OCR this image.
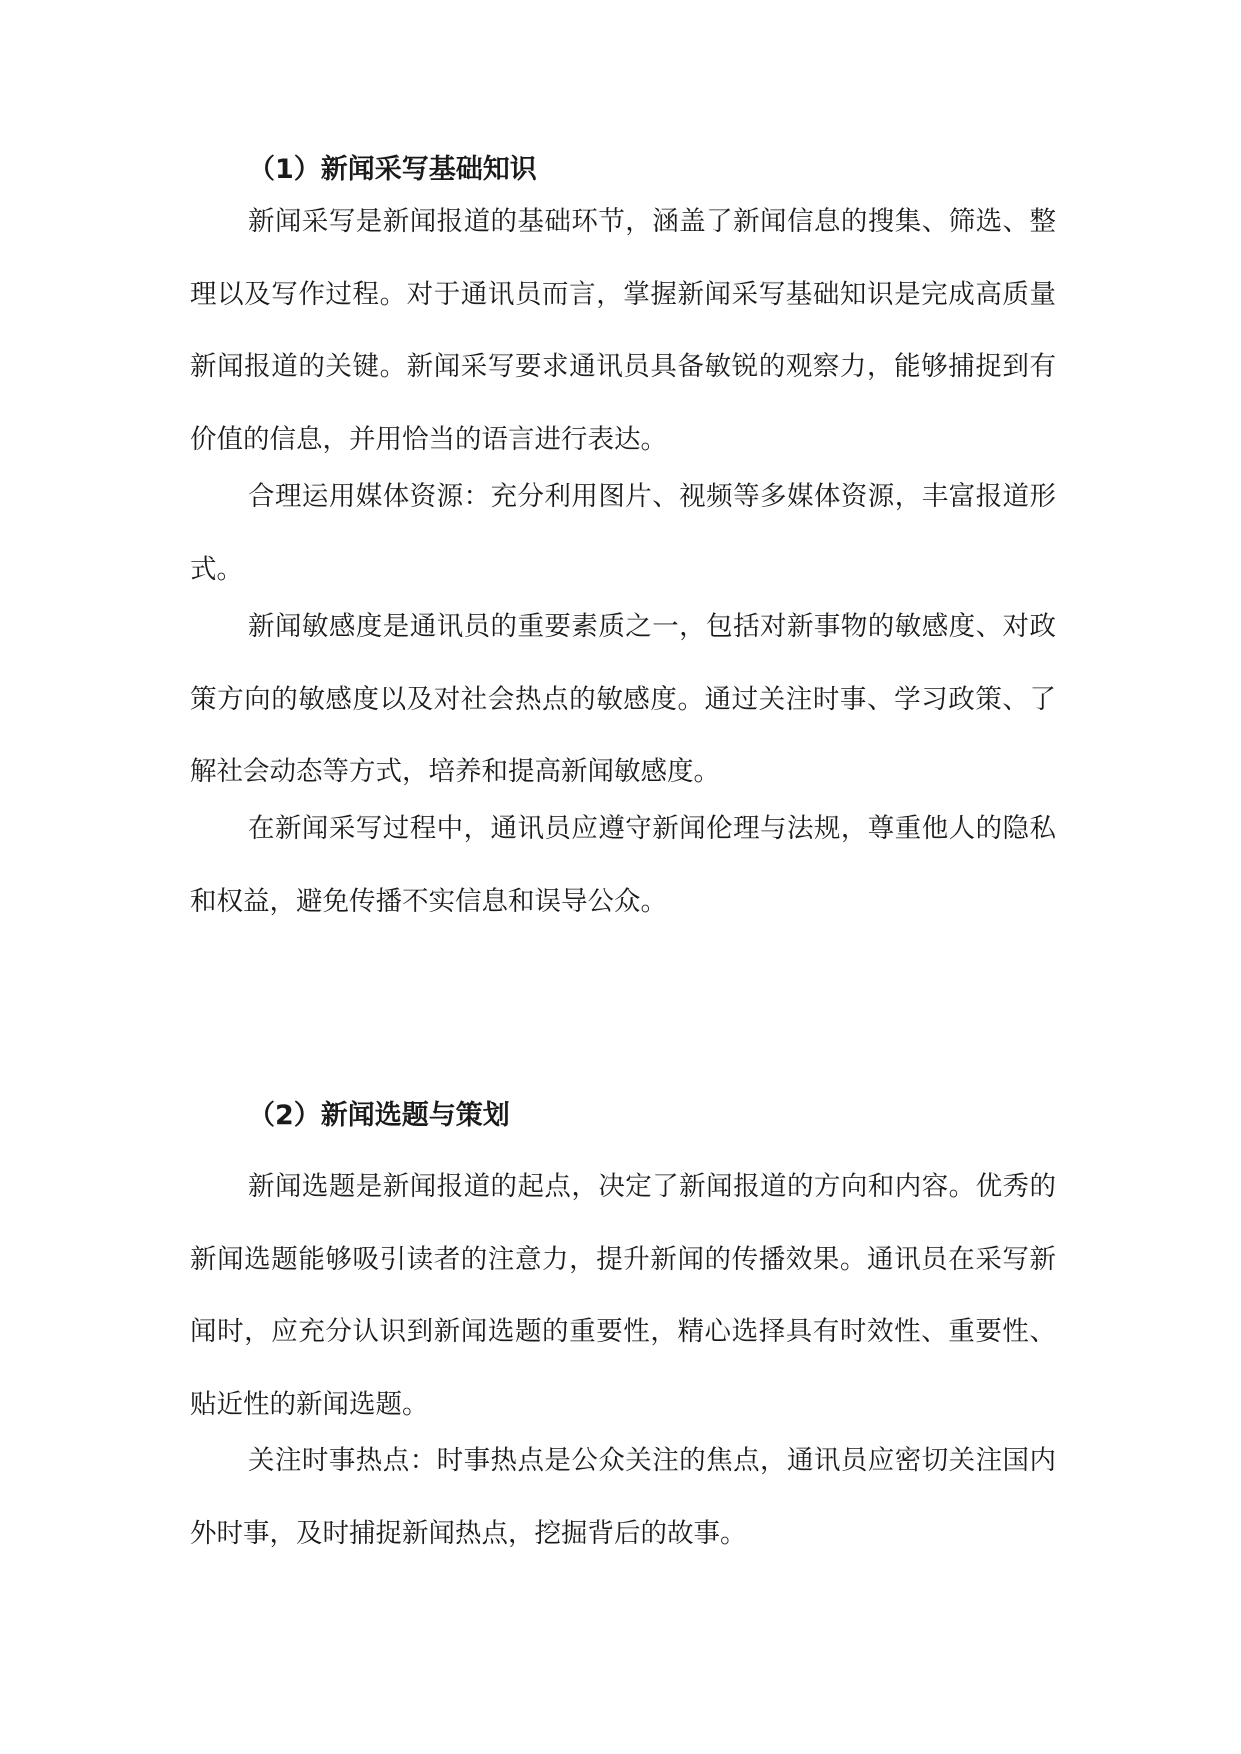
（1）新闻采写基础知识

新闻采写是新闻报道的基础环节，涵盖了新闻信息的搜集、筛选、整理以及写作过程。对于通讯员而言，掌握新闻采写基础知识是完成高质量新闻报道的关键。新闻采写要求通讯员具备敏锐的观察力，能够捕捉到有价值的信息，并用恰当的语言进行表达。

合理运用媒体资源：充分利用图片、视频等多媒体资源，丰富报道形式。

新闻敏感度是通讯员的重要素质之一，包括对新事物的敏感度、对政策方向的敏感度以及对社会热点的敏感度。通过关注时事、学习政策、了解社会动态等方式，培养和提高新闻敏感度。

在新闻采写过程中，通讯员应遵守新闻伦理与法规，尊重他人的隐私和权益，避免传播不实信息和误导公众。

（2）新闻选题与策划

新闻选题是新闻报道的起点，决定了新闻报道的方向和内容。优秀的新闻选题能够吸引读者的注意力，提升新闻的传播效果。通讯员在采写新闻时，应充分认识到新闻选题的重要性，精心选择具有时效性、重要性、贴近性的新闻选题。

关注时事热点：时事热点是公众关注的焦点，通讯员应密切关注国内外时事，及时捕捉新闻热点，挖掘背后的故事。
